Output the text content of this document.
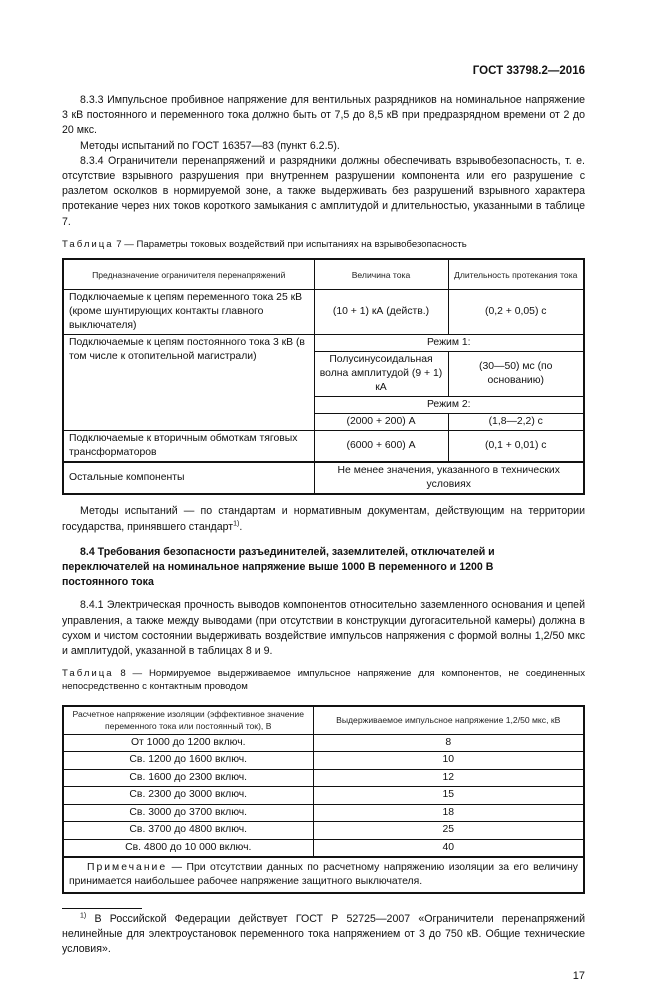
ГОСТ 33798.2—2016

8.3.3 Импульсное пробивное напряжение для вентильных разрядников на номинальное напряжение 3 кВ постоянного и переменного тока должно быть от 7,5 до 8,5 кВ при предразрядном времени от 2 до 20 мкс.

Методы испытаний по ГОСТ 16357—83 (пункт 6.2.5).

8.3.4 Ограничители перенапряжений и разрядники должны обеспечивать взрывобезопасность, т. е. отсутствие взрывного разрушения при внутреннем разрушении компонента или его разрушение с разлетом осколков в нормируемой зоне, а также выдерживать без разрушений взрывного характера протекание через них токов короткого замыкания с амплитудой и длительностью, указанными в таблице 7.

Таблица 7 — Параметры токовых воздействий при испытаниях на взрывобезопасность
Предназначение ограничителя перенапряжений	Величина тока	Длительность протекания тока
Подключаемые к цепям переменного тока 25 кВ (кроме шунтирующих контакты главного выключателя)	(10 + 1) кА (действ.)	(0,2 + 0,05) с
Подключаемые к цепям постоянного тока 3 кВ (в том числе к отопительной магистрали)	Режим 1:	
	Полусинусоидальная волна амплитудой (9 + 1) кА	(30—50) мс (по основанию)
	Режим 2:	
	(2000 + 200) А	(1,8—2,2) с
Подключаемые к вторичным обмоткам тяговых трансформаторов	(6000 + 600) А	(0,1 + 0,01) с
Остальные компоненты	Не менее значения, указанного в технических условиях	

Методы испытаний — по стандартам и нормативным документам, действующим на территории государства, принявшего стандарт$^{1)}$.

8.4 Требования безопасности разъединителей, заземлителей, отключателей и переключателей на номинальное напряжение выше 1000 В переменного и 1200 В постоянного тока

8.4.1 Электрическая прочность выводов компонентов относительно заземленного основания и цепей управления, а также между выводами (при отсутствии в конструкции дугогасительной камеры) должна в сухом и чистом состоянии выдерживать воздействие импульсов напряжения с формой волны 1,2/50 мкс и амплитудой, указанной в таблицах 8 и 9.

Таблица 8 — Нормируемое выдерживаемое импульсное напряжение для компонентов, не соединенных непосредственно с контактным проводом

Расчетное напряжение изоляции (эффективное значение переменного тока или постоянный ток), В	Выдерживаемое импульсное напряжение 1,2/50 мкс, кВ
От 1000 до 1200 включ.	8
Св. 1200 до 1600 включ.	10
Св. 1600 до 2300 включ.	12
Св. 2300 до 3000 включ.	15
Св. 3000 до 3700 включ.	18
Св. 3700 до 4800 включ.	25
Св. 4800 до 10 000 включ.	40
Примечание — При отсутствии данных по расчетному напряжению изоляции за его величину принимается наибольшее рабочее напряжение защитного выключателя.	

$^{1)}$ В Российской Федерации действует ГОСТ Р 52725—2007 «Ограничители перенапряжений нелинейные для электроустановок переменного тока напряжением от 3 до 750 кВ. Общие технические условия».

17
